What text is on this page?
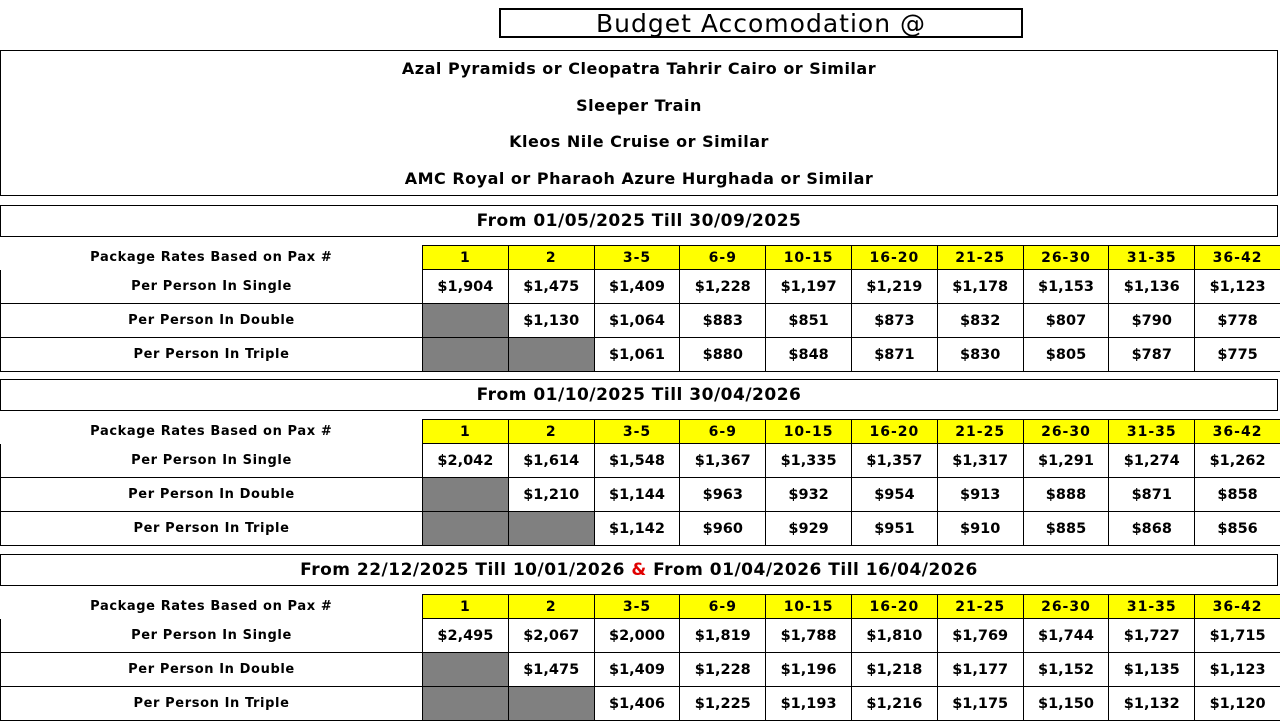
Budget Accomodation @
Azal Pyramids or Cleopatra Tahrir Cairo or Similar
Sleeper Train
Kleos Nile Cruise or Similar
AMC Royal or Pharaoh Azure Hurghada or Similar
From 01/05/2025 Till 30/09/2025
Package Rates Based on Pax #	1	2	3-5	6-9	10-15	16-20	21-25	26-30	31-35	36-42
Per Person In Single	$1,904	$1,475	$1,409	$1,228	$1,197	$1,219	$1,178	$1,153	$1,136	$1,123
Per Person In Double		$1,130	$1,064	$883	$851	$873	$832	$807	$790	$778
Per Person In Triple			$1,061	$880	$848	$871	$830	$805	$787	$775
From 01/10/2025 Till 30/04/2026
Package Rates Based on Pax #	1	2	3-5	6-9	10-15	16-20	21-25	26-30	31-35	36-42
Per Person In Single	$2,042	$1,614	$1,548	$1,367	$1,335	$1,357	$1,317	$1,291	$1,274	$1,262
Per Person In Double		$1,210	$1,144	$963	$932	$954	$913	$888	$871	$858
Per Person In Triple			$1,142	$960	$929	$951	$910	$885	$868	$856
From 22/12/2025 Till 10/01/2026 & From 01/04/2026 Till 16/04/2026
Package Rates Based on Pax #	1	2	3-5	6-9	10-15	16-20	21-25	26-30	31-35	36-42
Per Person In Single	$2,495	$2,067	$2,000	$1,819	$1,788	$1,810	$1,769	$1,744	$1,727	$1,715
Per Person In Double		$1,475	$1,409	$1,228	$1,196	$1,218	$1,177	$1,152	$1,135	$1,123
Per Person In Triple			$1,406	$1,225	$1,193	$1,216	$1,175	$1,150	$1,132	$1,120
